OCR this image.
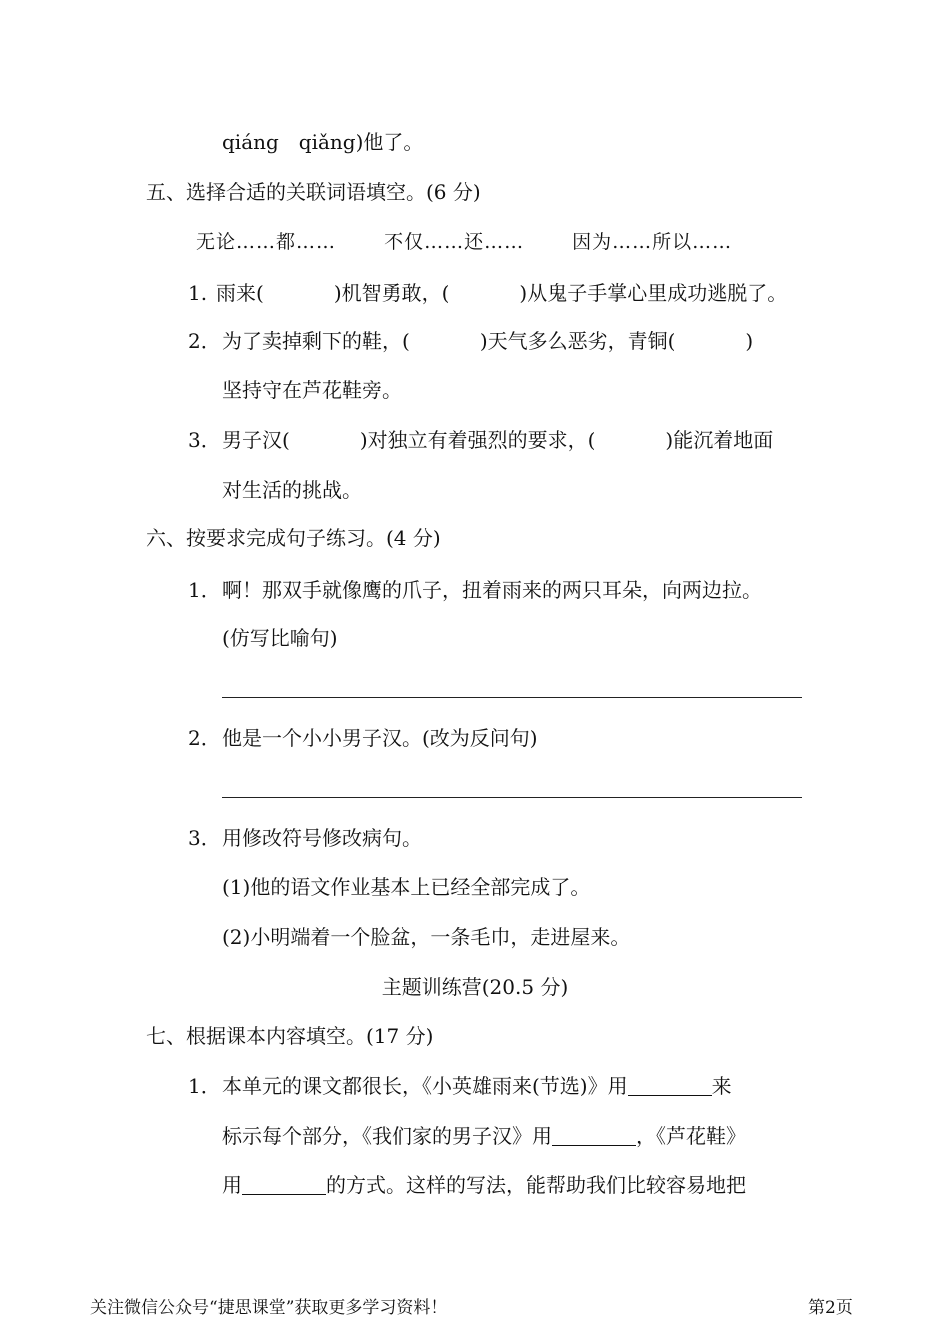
qiáng　qiǎng)他了。
五、选择合适的关联词语填空。(6 分)
无论……都……	不仅……还……	因为……所以……
1. 雨来(	)机智勇敢，(	)从鬼子手掌心里成功逃脱了。
2．为了卖掉剩下的鞋，(	)天气多么恶劣，青铜(	)
坚持守在芦花鞋旁。
3．男子汉(	)对独立有着强烈的要求，(	)能沉着地面
对生活的挑战。
六、按要求完成句子练习。(4 分)
1．啊！那双手就像鹰的爪子，扭着雨来的两只耳朵，向两边拉。
(仿写比喻句)
2．他是一个小小男子汉。(改为反问句)
3．用修改符号修改病句。
(1)他的语文作业基本上已经全部完成了。
(2)小明端着一个脸盆，一条毛巾，走进屋来。
主题训练营(20.5 分)
七、根据课本内容填空。(17 分)
1．本单元的课文都很长，《小英雄雨来(节选)》用	来
标示每个部分，《我们家的男子汉》用	，《芦花鞋》
用	的方式。这样的写法，能帮助我们比较容易地把
关注微信公众号“捷思课堂”获取更多学习资料！	第2页
